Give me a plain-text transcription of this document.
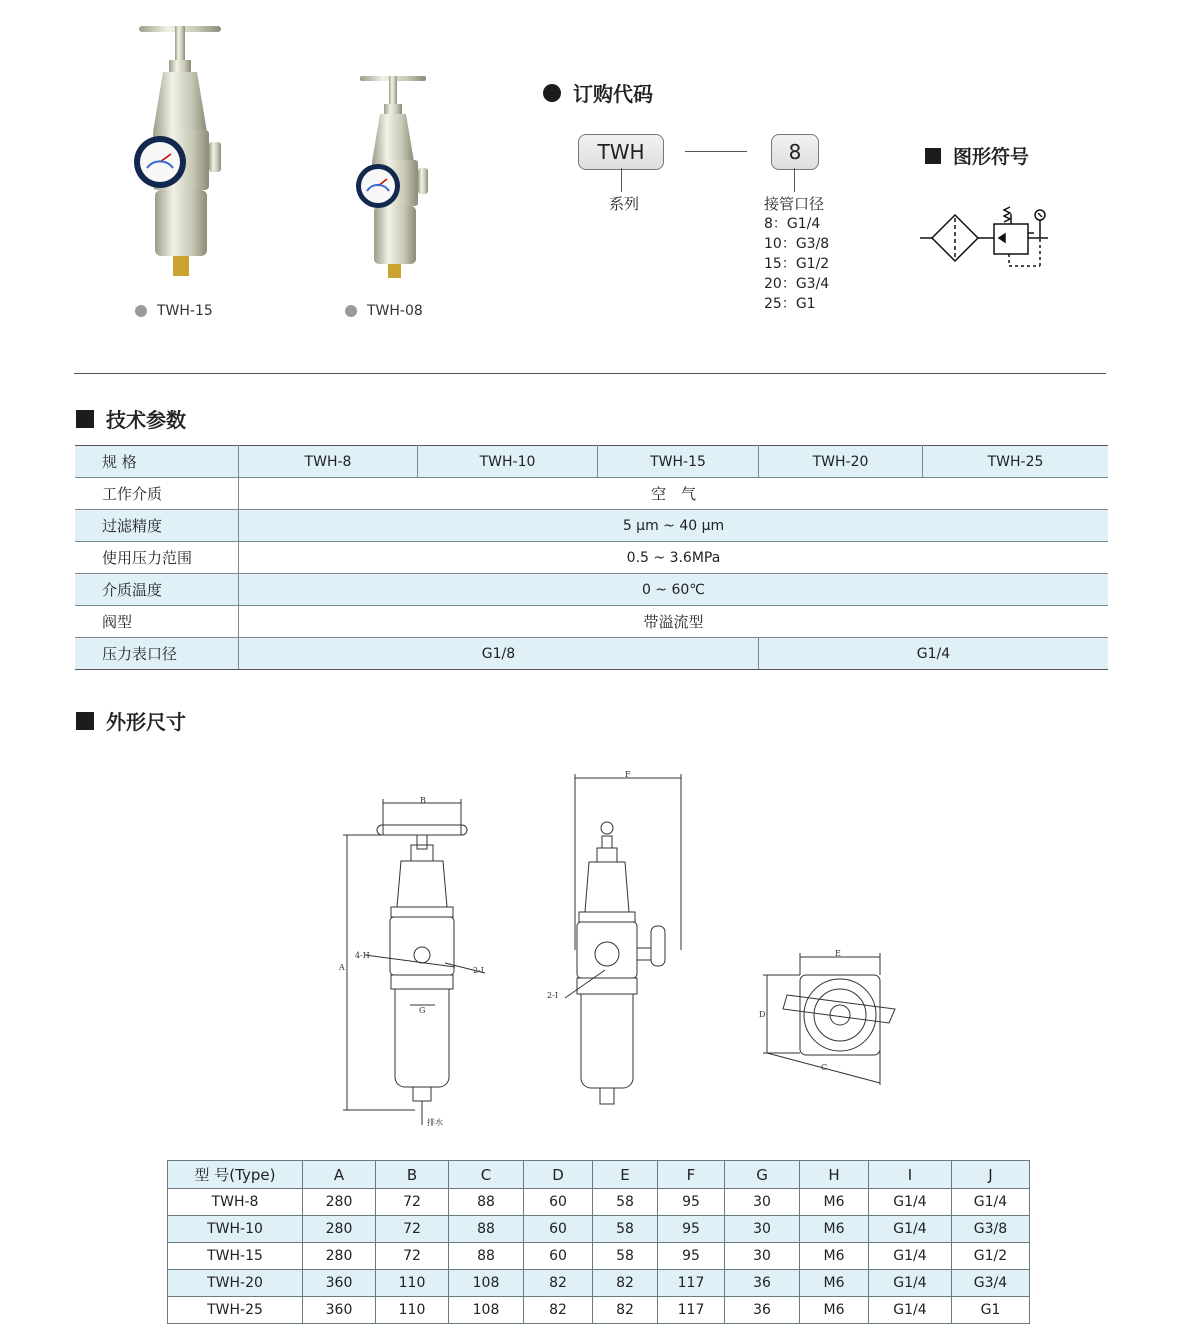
TWH-15	TWH-08
订购代码
TWH	8
系列	接管口径
8：G1/4
10：G3/8
15：G1/2
20：G3/4
25：G1
图形符号
技术参数
规 格	TWH-8	TWH-10	TWH-15	TWH-20	TWH-25
工作介质	空　气				
过滤精度	5 μm ~ 40 μm				
使用压力范围	0.5 ~ 3.6MPa				
介质温度	0 ~ 60℃				
阀型	带溢流型				
压力表口径	G1/8			G1/4	
外形尺寸
B
A
4-H
2-I
G
排水
F
2-I
E
D
C
型 号(Type)	A	B	C	D	E	F	G	H	I	J
TWH-8	280	72	88	60	58	95	30	M6	G1/4	G1/4
TWH-10	280	72	88	60	58	95	30	M6	G1/4	G3/8
TWH-15	280	72	88	60	58	95	30	M6	G1/4	G1/2
TWH-20	360	110	108	82	82	117	36	M6	G1/4	G3/4
TWH-25	360	110	108	82	82	117	36	M6	G1/4	G1
